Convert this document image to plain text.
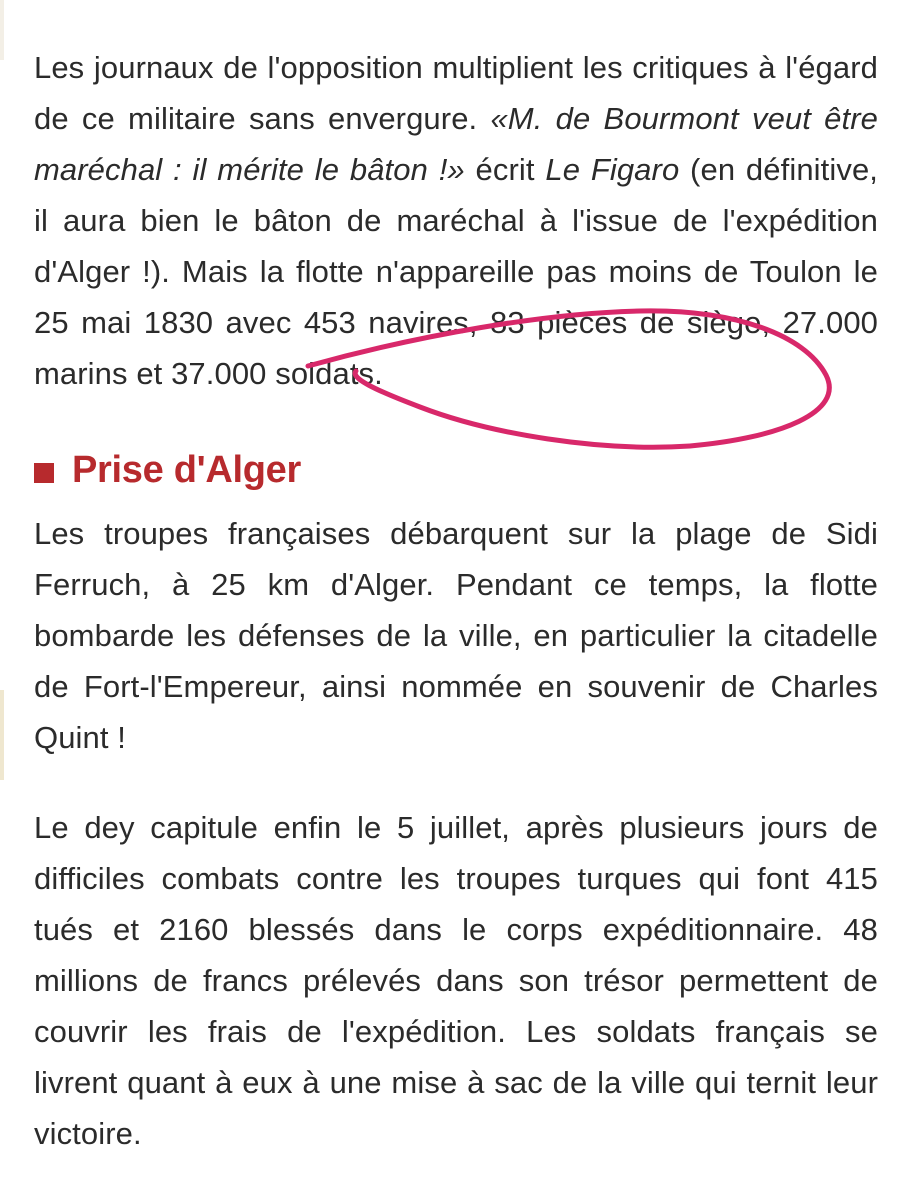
Les journaux de l'opposition multiplient les critiques à l'égard de ce militaire sans envergure. «M. de Bourmont veut être maréchal : il mérite le bâton !» écrit Le Figaro (en définitive, il aura bien le bâton de maréchal à l'issue de l'expédition d'Alger !). Mais la flotte n'appareille pas moins de Toulon le 25 mai 1830 avec 453 navires, 83 pièces de siège, 27.000 marins et 37.000 soldats.
Prise d'Alger
Les troupes françaises débarquent sur la plage de Sidi Ferruch, à 25 km d'Alger. Pendant ce temps, la flotte bombarde les défenses de la ville, en particulier la citadelle de Fort-l'Empereur, ainsi nommée en souvenir de Charles Quint !
Le dey capitule enfin le 5 juillet, après plusieurs jours de difficiles combats contre les troupes turques qui font 415 tués et 2160 blessés dans le corps expéditionnaire. 48 millions de francs prélevés dans son trésor permettent de couvrir les frais de l'expédition. Les soldats français se livrent quant à eux à une mise à sac de la ville qui ternit leur victoire.
